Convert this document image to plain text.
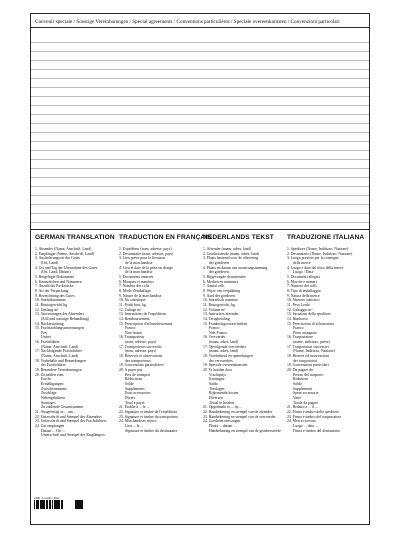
Convenir speciale / Sonstige Vereinbarungen / Special agreements / Conventions particulières / Speciale overeenkomsten / Convenzioni particolari
GERMAN TRANSLATION TRADUCTION EN FRANÇAIS
NEDERLANDS TEKST	TRADUZIONE ITALIANA
1. Absender (Name, Anschrift, Land)
2. Empfänger (Name, Anschrift, Land)
3. Auslieferungsort des Gutes
(Ort, Land)
4. Ort und Tag der Übernahme des Gutes
(Ort, Land, Datum)
5. Beigefügte Dokumente
6. Kennzeichen und Nummern
7. Anzahl der Packstücke
8. Art der Verpackung
9. Bezeichnung des Gutes
10. Statistiknummer
11. Bruttogewicht kg
12. Umfang m³
13. Anweisungen des Absenders
(Zoll und sonstige Behandlung)
14. Rückerstattung
15. Frachtzahlungsanweisungen
Frei
Unfrei
16. Frachtführer
(Name, Anschrift, Land)
17. Nachfolgende Frachtführer
(Name, Anschrift, Land)
18. Vorbehalte und Bemerkungen
der Frachtführer
19. Besondere Vereinbarungen
20. Zu zahlen vom
Fracht
Ermäßigungen
Zwischensumme
Zuschläge
Nebengebühren
Sonstiges
Zu zahlende Gesamtsumme
21. Ausgefertigt in ... am ...
22. Unterschrift und Stempel des Absenders
23. Unterschrift und Stempel des Frachtführers
24. Gut empfangen
Datum ... Ort ...
Unterschrift und Stempel des Empfängers
1. Expéditeur (nom, adresse, pays)
2. Destinataire (nom, adresse, pays)
3. Lieu prévu pour la livraison
de la marchandise
4. Lieu et date de la prise en charge
de la marchandise
5. Documents annexés
6. Marques et numéros
7. Nombre des colis
8. Mode d'emballage
9. Nature de la marchandise
10. No statistique
11. Poids brut, kg
12. Cubage m³
13. Instructions de l'expéditeur
14. Remboursement
15. Prescription d'affranchissement
Franco
Non franco
16. Transporteur
(nom, adresse, pays)
17. Transporteurs successifs
(nom, adresse, pays)
18. Réserves et observations
des transporteurs
19. Conventions particulières
20. A payer par
Prix de transport
Réductions
Solde
Suppléments
Frais accessoires
Divers
Total à payer
21. Etablie à ... le ...
22. Signature et timbre de l'expéditeur
23. Signature et timbre du transporteur
24. Marchandises reçues
Lieu ... le ...
Signature et timbre du destinataire
1. Afzender (naam, adres, land)
2. Geadresseerde (naam, adres, land)
3. Plaats bestemd voor de aflevering
der goederen
4. Plaats en datum van inontvangstneming
der goederen
5. Bijgevoegde documenten
6. Merken en nummers
7. Aantal colli
8. Wijze van verpakking
9. Aard der goederen
10. Statistisch nummer
11. Brutogewicht, kg
12. Volume m³
13. Instructies afzender
14. Terugbetaling
15. Frankeringsvoorschriften
Franco
Niet Franco
16. Vervoerder
(naam, adres, land)
17. Opvolgende vervoerders
(naam, adres, land)
18. Voorbehoud en opmerkingen
der vervoerders
19. Speciale overeenkomsten
20. Te betalen door
Vrachtprijs
Kortingen
Saldo
Toeslagen
Bijkomende kosten
Diversen
Totaal te betalen
21. Opgemaakt te ... op ...
22. Handtekening en stempel van de afzender
23. Handtekening en stempel van de vervoerder
24. Goederen ontvangen
Plaats ... datum ...
Handtekening en stempel van de geadresseerde
1. Speditore (Nome, Indirizzo, Nazione)
2. Destinatario (Nome, Indirizzo, Nazione)
3. Luogo previsto per la consegna
della merce
4. Luogo e data del ritiro della merce
Luogo / Data
5. Documenti allegati
6. Marche e numeri
7. Numero dei colli
8. Tipo di imballaggio
9. Natura della merce
10. Numero statistico
11. Peso Lordo
12. Cubaggio m³
13. Istruzioni dello speditore
14. Rimborso
15. Prescrizioni di affrancatura
Franco
Porto assegnato
16. Trasportatore
(nome, indirizzo, paese)
17. Trasportatori successivi
(Nome, Indirizzo, Nazione)
18. Riserve ed osservazioni
dei trasportatori
19. Convenzioni particolari
20. Da pagare da
Prezzo del trasporto
Riduzioni
Saldo
Supplementi
Spese accessorie
Varie
Totale da pagare
21. Redatto a ... il ...
22. Firma e timbro dello speditore
23. Firma e timbro del trasportatore
24. Merce ricevuta
Luogo ... data ...
Firma e timbro del destinatario
CMR / Licentie / Druk
